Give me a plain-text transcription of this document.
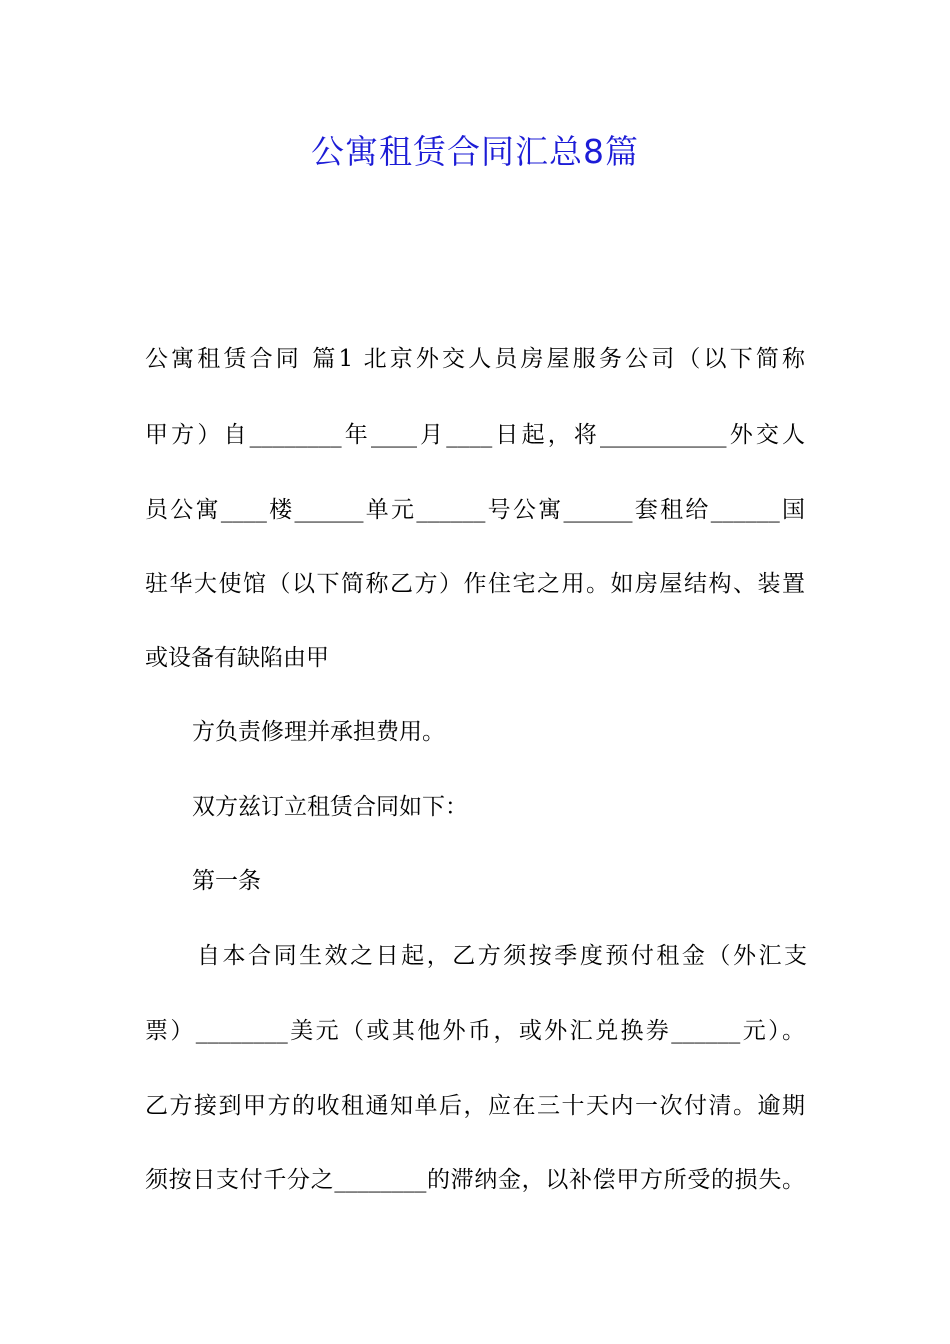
公寓租赁合同汇总8篇
公寓租赁合同 篇1 北京外交人员房屋服务公司（以下简称
甲方）自________年____月____日起，将___________外交人
员公寓____楼______单元______号公寓______套租给______国
驻华大使馆（以下简称乙方）作住宅之用。如房屋结构、装置
或设备有缺陷由甲
方负责修理并承担费用。
双方兹订立租赁合同如下：
第一条
自本合同生效之日起，乙方须按季度预付租金（外汇支
票）________美元（或其他外币，或外汇兑换券______元）。
乙方接到甲方的收租通知单后，应在三十天内一次付清。逾期
须按日支付千分之________的滞纳金，以补偿甲方所受的损失。
